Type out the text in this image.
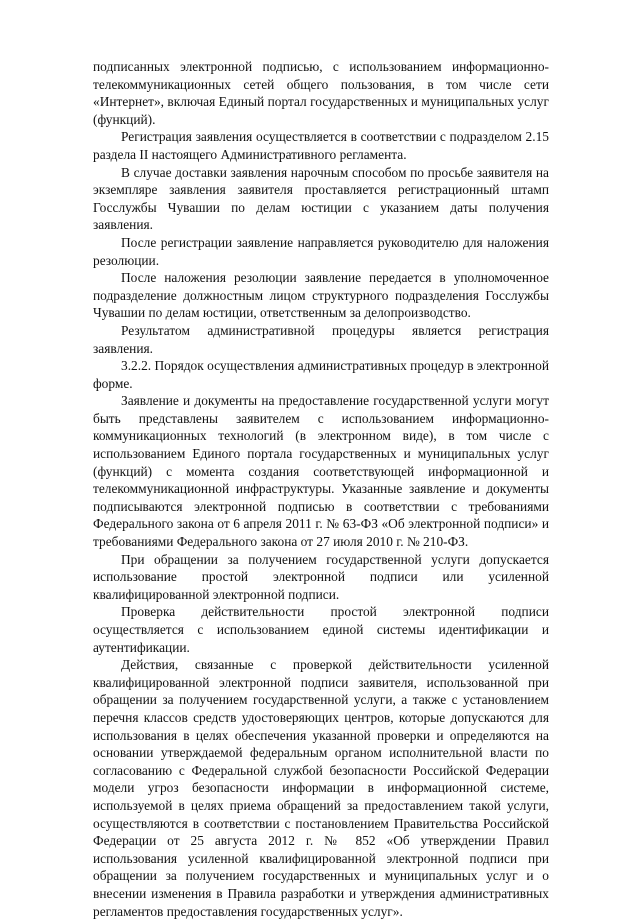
подписанных электронной подписью, с использованием информационно-телекоммуникационных сетей общего пользования, в том числе сети «Интернет», включая Единый портал государственных и муниципальных услуг (функций).

Регистрация заявления осуществляется в соответствии с подразделом 2.15 раздела II настоящего Административного регламента.

В случае доставки заявления нарочным способом по просьбе заявителя на экземпляре заявления заявителя проставляется регистрационный штамп Госслужбы Чувашии по делам юстиции с указанием даты получения заявления.

После регистрации заявление направляется руководителю для наложения резолюции.

После наложения резолюции заявление передается в уполномоченное подразделение должностным лицом структурного подразделения Госслужбы Чувашии по делам юстиции, ответственным за делопроизводство.

Результатом административной процедуры является регистрация заявления.

3.2.2. Порядок осуществления административных процедур в электронной форме.

Заявление и документы на предоставление государственной услуги могут быть представлены заявителем с использованием информационно-коммуникационных технологий (в электронном виде), в том числе с использованием Единого портала государственных и муниципальных услуг (функций) с момента создания соответствующей информационной и телекоммуникационной инфраструктуры. Указанные заявление и документы подписываются электронной подписью в соответствии с требованиями Федерального закона от 6 апреля 2011 г. № 63-ФЗ «Об электронной подписи» и требованиями Федерального закона от 27 июля 2010 г. № 210-ФЗ.

При обращении за получением государственной услуги допускается использование простой электронной подписи или усиленной квалифицированной электронной подписи.

Проверка действительности простой электронной подписи осуществляется с использованием единой системы идентификации и аутентификации.

Действия, связанные с проверкой действительности усиленной квалифицированной электронной подписи заявителя, использованной при обращении за получением государственной услуги, а также с установлением перечня классов средств удостоверяющих центров, которые допускаются для использования в целях обеспечения указанной проверки и определяются на основании утверждаемой федеральным органом исполнительной власти по согласованию с Федеральной службой безопасности Российской Федерации модели угроз безопасности информации в информационной системе, используемой в целях приема обращений за предоставлением такой услуги, осуществляются в соответствии с постановлением Правительства Российской Федерации от 25 августа 2012 г. № 852 «Об утверждении Правил использования усиленной квалифицированной электронной подписи при обращении за получением государственных и муниципальных услуг и о внесении изменения в Правила разработки и утверждения административных регламентов предоставления государственных услуг».
